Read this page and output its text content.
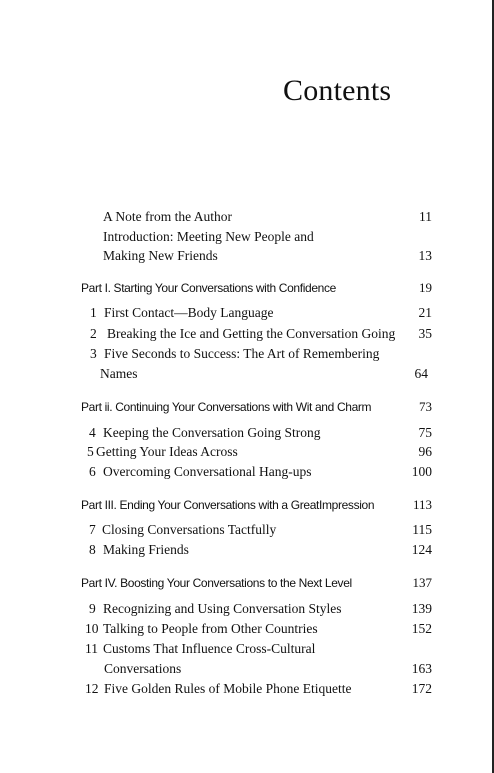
Contents
A Note from the Author	11
Introduction: Meeting New People and
Making New Friends	13
Part I. Starting Your Conversations with Confidence	19
1 First Contact—Body Language	21
2 Breaking the Ice and Getting the Conversation Going 35
3 Five Seconds to Success: The Art of Remembering
Names	64
Part ii. Continuing Your Conversations with Wit and Charm	73
4 Keeping the Conversation Going Strong	75
5 Getting Your Ideas Across	96
6 Overcoming Conversational Hang-ups	100
Part III. Ending Your Conversations with a GreatImpression	113
7 Closing Conversations Tactfully	115
8 Making Friends	124
Part IV. Boosting Your Conversations to the Next Level	137
9 Recognizing and Using Conversation Styles	139
10 Talking to People from Other Countries	152
11 Customs That Influence Cross-Cultural
Conversations	163
12 Five Golden Rules of Mobile Phone Etiquette	172
